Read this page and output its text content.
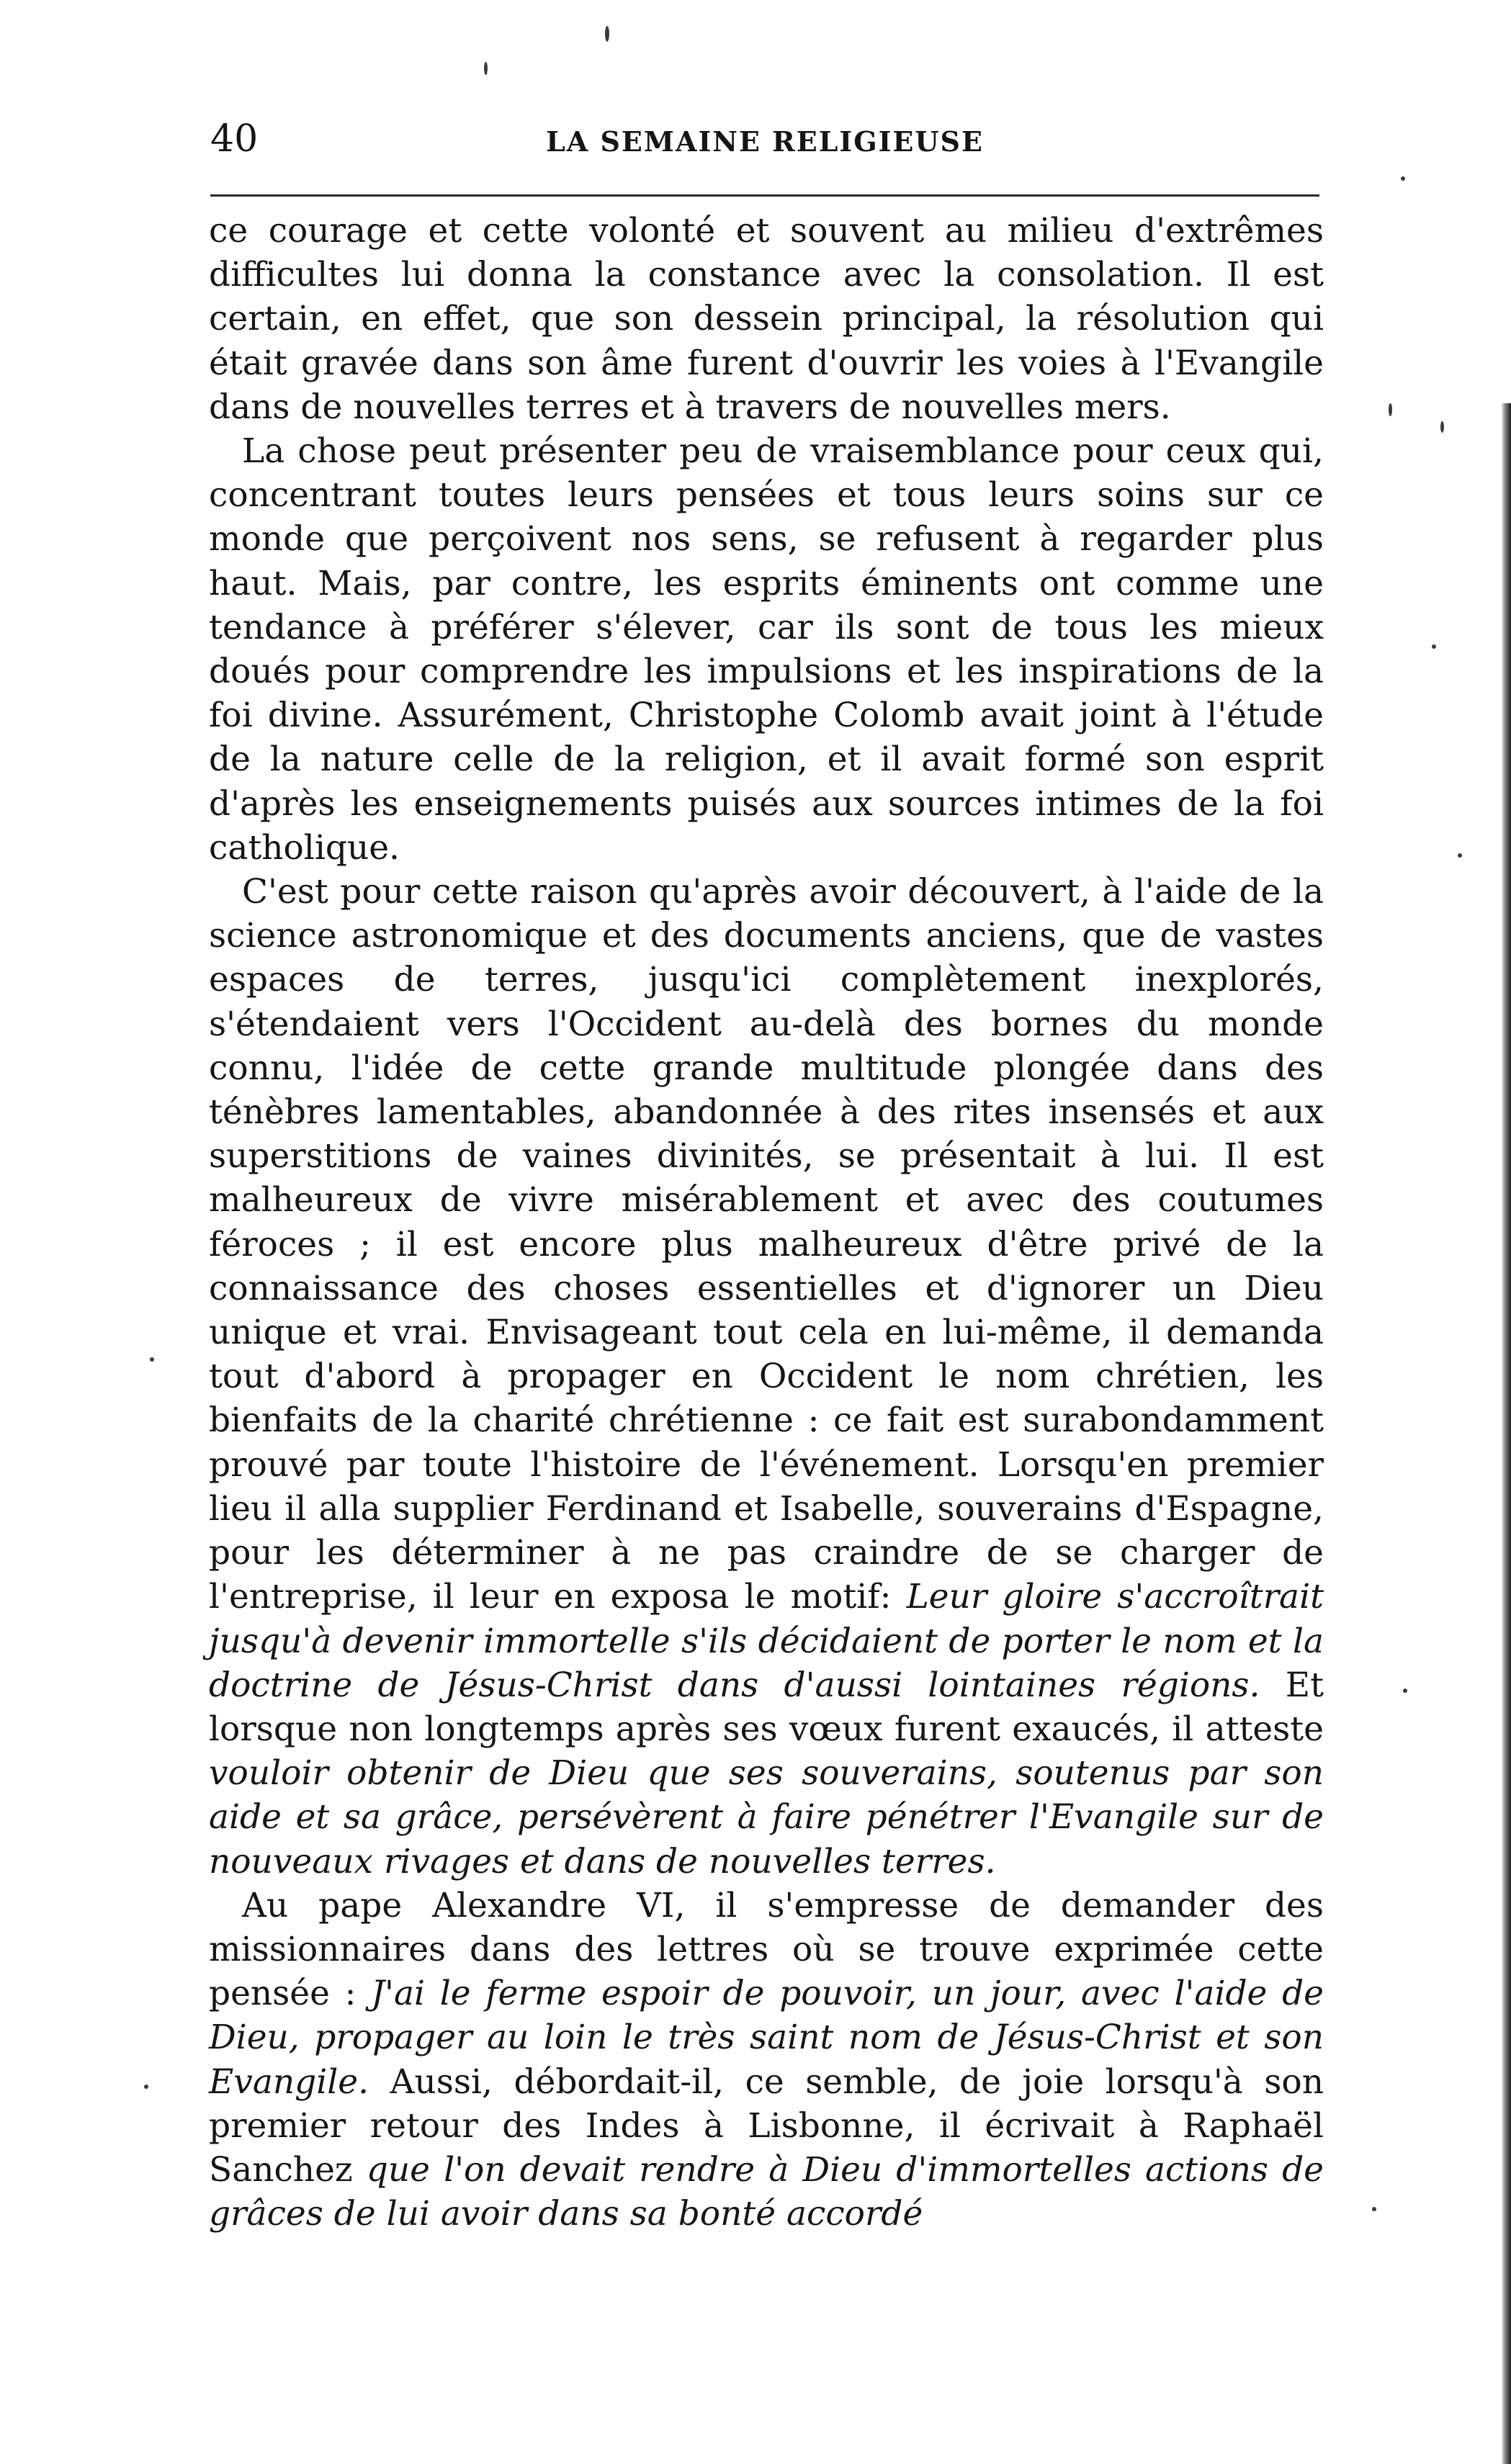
40	LA SEMAINE RELIGIEUSE

ce courage et cette volonté et souvent au milieu d'extrêmes difficultes lui donna la constance avec la consolation. Il est certain, en effet, que son dessein principal, la résolution qui était gravée dans son âme furent d'ouvrir les voies à l'Evangile dans de nouvelles terres et à travers de nouvelles mers.

La chose peut présenter peu de vraisemblance pour ceux qui, concentrant toutes leurs pensées et tous leurs soins sur ce monde que perçoivent nos sens, se refusent à regarder plus haut. Mais, par contre, les esprits éminents ont comme une tendance à préférer s'élever, car ils sont de tous les mieux doués pour comprendre les impulsions et les inspirations de la foi divine. Assurément, Christophe Colomb avait joint à l'étude de la nature celle de la religion, et il avait formé son esprit d'après les enseignements puisés aux sources intimes de la foi catholique.

C'est pour cette raison qu'après avoir découvert, à l'aide de la science astronomique et des documents anciens, que de vastes espaces de terres, jusqu'ici complètement inexplorés, s'étendaient vers l'Occident au-delà des bornes du monde connu, l'idée de cette grande multitude plongée dans des ténèbres lamentables, abandonnée à des rites insensés et aux superstitions de vaines divinités, se présentait à lui. Il est malheureux de vivre misérablement et avec des coutumes féroces ; il est encore plus malheureux d'être privé de la connaissance des choses essentielles et d'ignorer un Dieu unique et vrai. Envisageant tout cela en lui-même, il demanda tout d'abord à propager en Occident le nom chrétien, les bienfaits de la charité chrétienne : ce fait est surabondamment prouvé par toute l'histoire de l'événement. Lorsqu'en premier lieu il alla supplier Ferdinand et Isabelle, souverains d'Espagne, pour les déterminer à ne pas craindre de se charger de l'entreprise, il leur en exposa le motif: Leur gloire s'accroîtrait jusqu'à devenir immortelle s'ils décidaient de porter le nom et la doctrine de Jésus-Christ dans d'aussi lointaines régions. Et lorsque non longtemps après ses vœux furent exaucés, il atteste vouloir obtenir de Dieu que ses souverains, soutenus par son aide et sa grâce, persévèrent à faire pénétrer l'Evangile sur de nouveaux rivages et dans de nouvelles terres.

Au pape Alexandre VI, il s'empresse de demander des missionnaires dans des lettres où se trouve exprimée cette pensée : J'ai le ferme espoir de pouvoir, un jour, avec l'aide de Dieu, propager au loin le très saint nom de Jésus-Christ et son Evangile. Aussi, débordait-il, ce semble, de joie lorsqu'à son premier retour des Indes à Lisbonne, il écrivait à Raphaël Sanchez que l'on devait rendre à Dieu d'immortelles actions de grâces de lui avoir dans sa bonté accordé
